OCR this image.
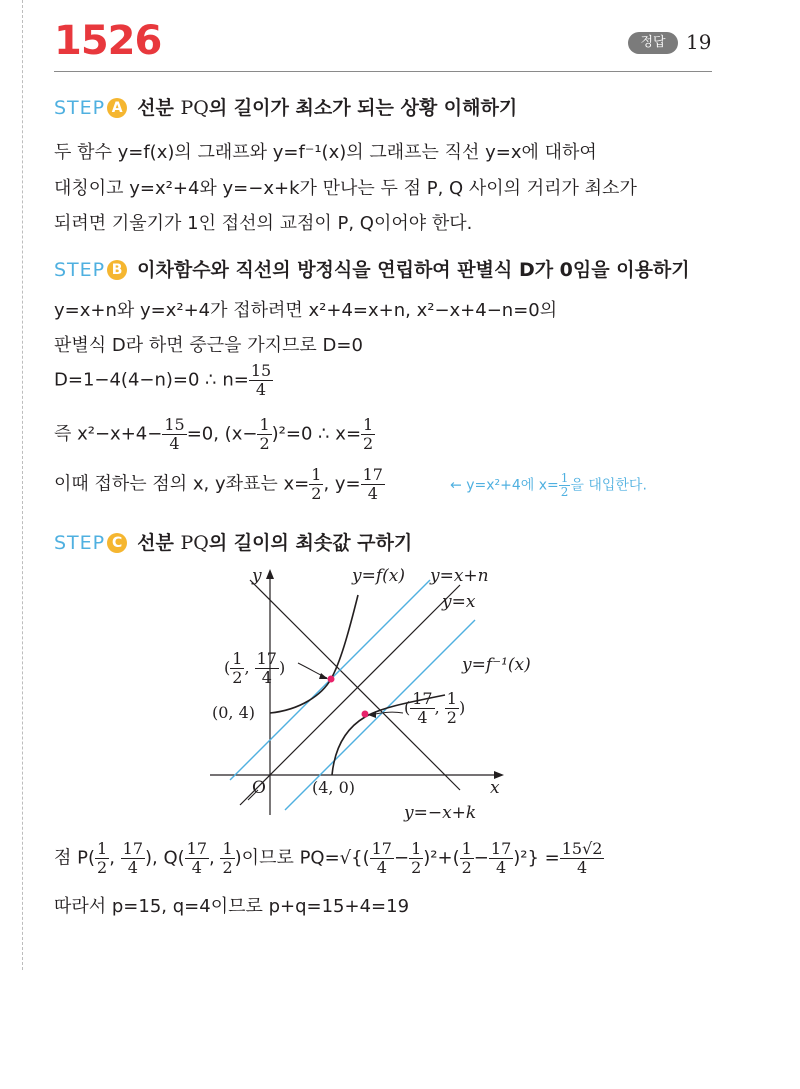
1526	정답	19
STEP A 선분 PQ의 길이가 최소가 되는 상황 이해하기
두 함수 y=f(x)의 그래프와 y=f⁻¹(x)의 그래프는 직선 y=x에 대하여
대칭이고 y=x²+4와 y=−x+k가 만나는 두 점 P, Q 사이의 거리가 최소가
되려면 기울기가 1인 접선의 교점이 P, Q이어야 한다.
STEP B 이차함수와 직선의 방정식을 연립하여 판별식 D가 0임을 이용하기
y=x+n와 y=x²+4가 접하려면 x²+4=x+n, x²−x+4−n=0의
판별식 D라 하면 중근을 가지므로 D=0
D=1−4(4−n)=0 ∴ $n= \frac{15}{4}$
즉 $x^2-x+4- \frac{15}{4} =0$, $(x- \frac{1}{2} )^2=0$ ∴ $x= \frac{1}{2}$
이때 접하는 점의 x, y좌표는 $x= \frac{1}{2}$ , $y= \frac{17}{4}$	← y=x²+4에 $x= \frac{1}{2}$ 을 대입한다.
STEP C 선분 PQ의 길이의 최솟값 구하기
y
x
O
y=f(x) y=x+n
y=x
y=f⁻¹(x)
y=−x+k
(0, 4)
(4, 0)
( $\frac{1}{2}$ , $\frac{17}{4}$ )
( $\frac{17}{4}$ , $\frac{1}{2}$ )
점 $P( \frac{1}{2}$ , $\frac{17}{4}$ ), $Q( \frac{17}{4}$ , $\frac{1}{2}$ )이므로 $PQ=√\{( \frac{17}{4} - \frac{1}{2} )^2+( \frac{1}{2} - \frac{17}{4} )^2\} = \frac{15√2}{4}$
따라서 p=15, q=4이므로 p+q=15+4=19
